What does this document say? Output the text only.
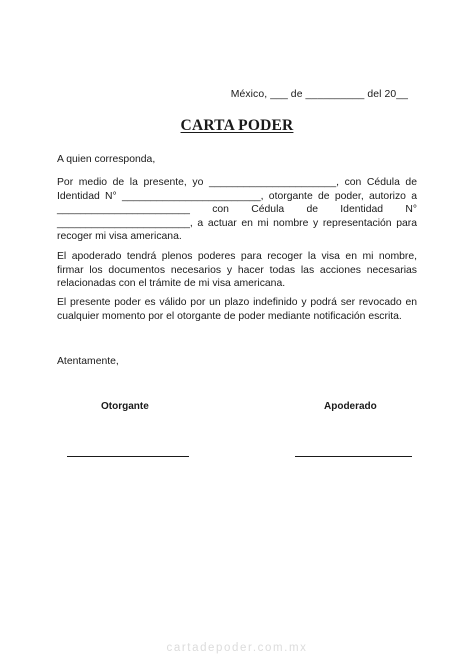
México, ___ de __________ del 20__
CARTA PODER
A quien corresponda,
Por medio de la presente, yo ______________________, con Cédula de Identidad N° ________________________, otorgante de poder, autorizo a _______________________ con Cédula de Identidad N° _______________________, a actuar en mi nombre y representación para recoger mi visa americana.
El apoderado tendrá plenos poderes para recoger la visa en mi nombre, firmar los documentos necesarios y hacer todas las acciones necesarias relacionadas con el trámite de mi visa americana.
El presente poder es válido por un plazo indefinido y podrá ser revocado en cualquier momento por el otorgante de poder mediante notificación escrita.
Atentamente,
Otorgante	Apoderado
cartadepoder.com.mx
